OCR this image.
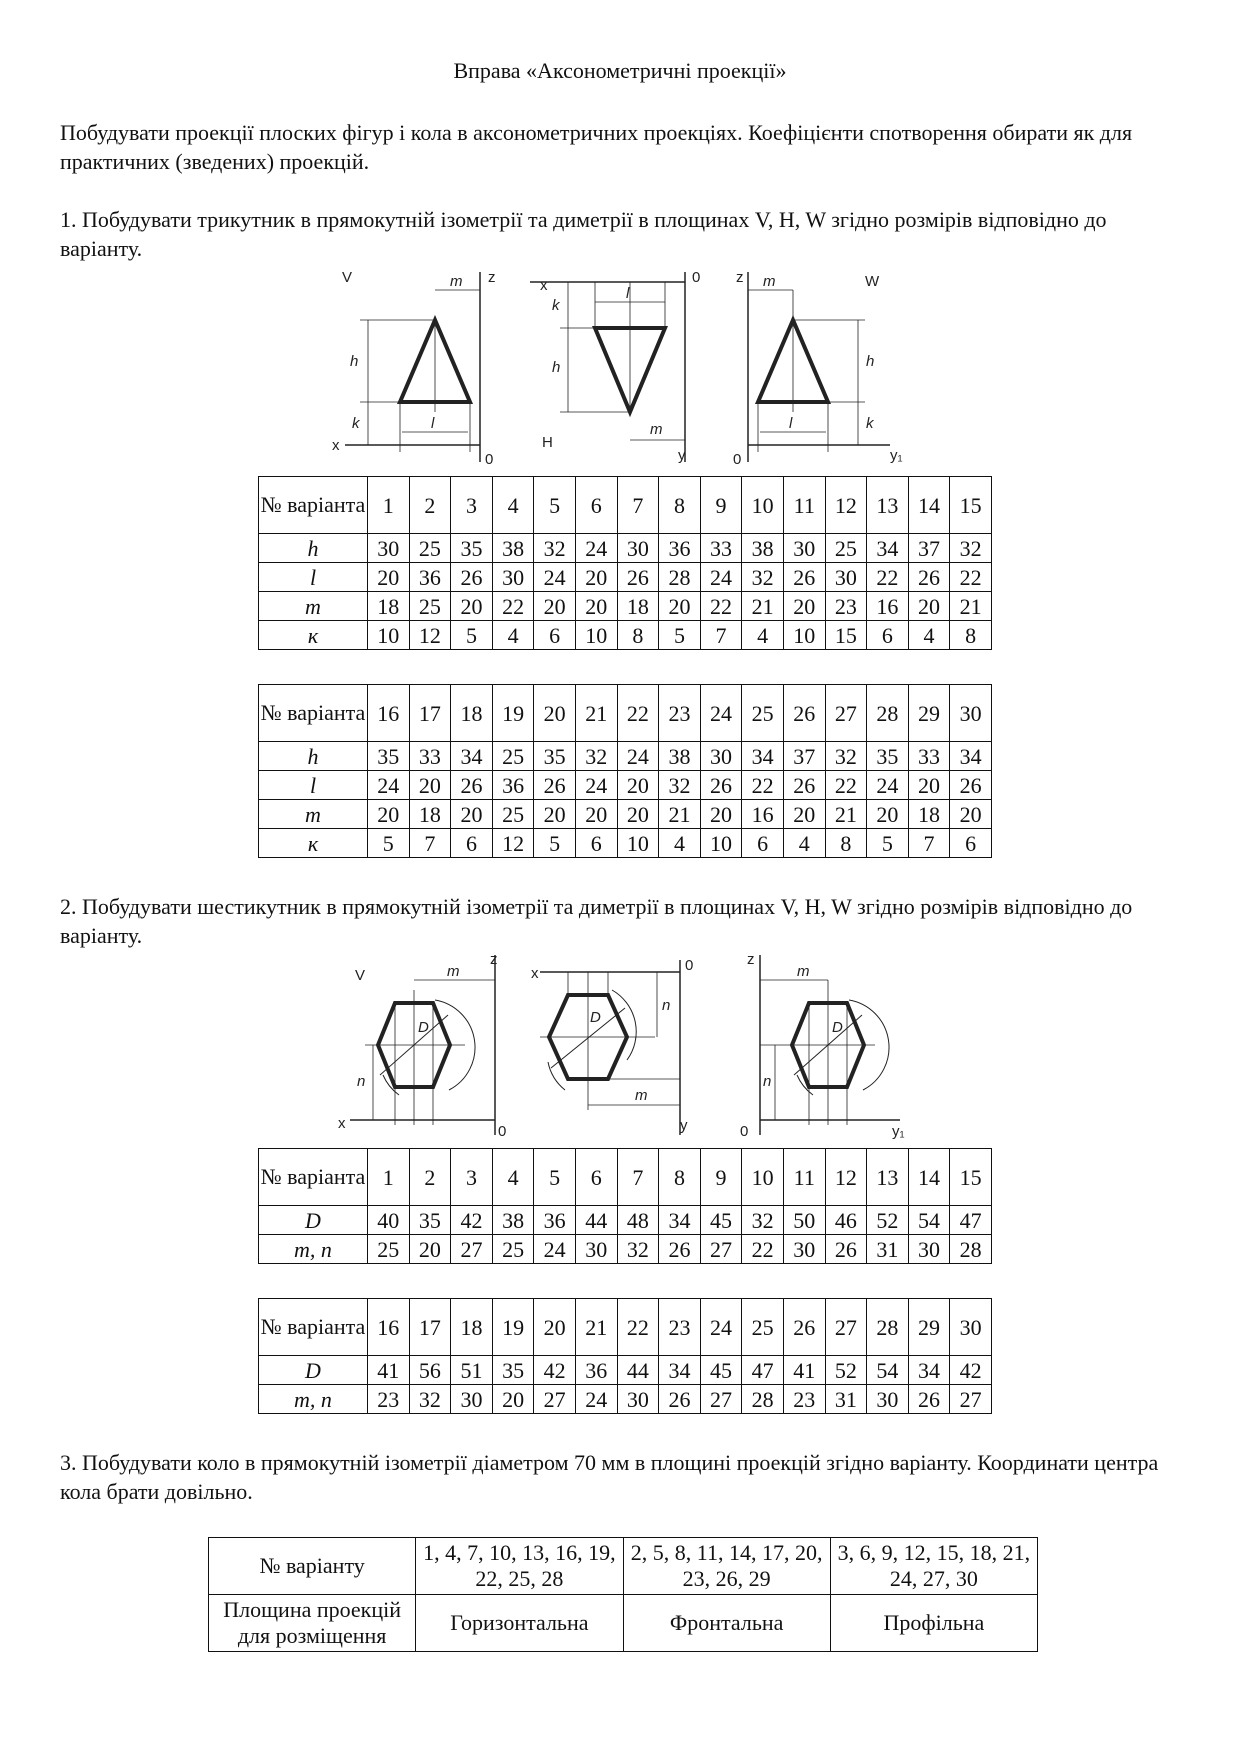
Вправа «Аксонометричні проекції»

Побудувати проекції плоских фігур і кола в аксонометричних проекціях. Коефіцієнти спотворення обирати як для практичних (зведених) проекцій.

1. Побудувати трикутник в прямокутній ізометрії та диметрії в площинах V, H, W згідно розмірів відповідно до варіанту.

V	z
m
h
k	l
x
0
x	0
k
h
l
m
H
y
z m	W
h
k
l
0	y₁
№ варіанта	1	2	3	4	5	6	7	8	9	10	11	12	13	14	15
h	30	25	35	38	32	24	30	36	33	38	30	25	34	37	32
l	20	36	26	30	24	20	26	28	24	32	26	30	22	26	22
m	18	25	20	22	20	20	18	20	22	21	20	23	16	20	21
к	10	12	5	4	6	10	8	5	7	4	10	15	6	4	8
№ варіанта	16	17	18	19	20	21	22	23	24	25	26	27	28	29	30
h	35	33	34	25	35	32	24	38	30	34	37	32	35	33	34
l	24	20	26	36	26	24	20	32	26	22	26	22	24	20	26
m	20	18	20	25	20	20	20	21	20	16	20	21	20	18	20
к	5	7	6	12	5	6	10	4	10	6	4	8	5	7	6

2. Побудувати шестикутник в прямокутній ізометрії та диметрії в площинах V, H, W згідно розмірів відповідно до варіанту.

V
z
m
D
n
x	0
x	0
D
n
m
y
z
m
D
n
0	y₁
№ варіанта	1	2	3	4	5	6	7	8	9	10	11	12	13	14	15
D	40	35	42	38	36	44	48	34	45	32	50	46	52	54	47
m, n	25	20	27	25	24	30	32	26	27	22	30	26	31	30	28
№ варіанта	16	17	18	19	20	21	22	23	24	25	26	27	28	29	30
D	41	56	51	35	42	36	44	34	45	47	41	52	54	34	42
m, n	23	32	30	20	27	24	30	26	27	28	23	31	30	26	27

3. Побудувати коло в прямокутній ізометрії діаметром 70 мм в площині проекцій згідно варіанту. Координати центра кола брати довільно.

№ варіанту	1, 4, 7, 10, 13, 16, 19, 22, 25, 28	2, 5, 8, 11, 14, 17, 20, 23, 26, 29	3, 6, 9, 12, 15, 18, 21, 24, 27, 30
Площина проекцій для розміщення	Горизонтальна	Фронтальна	Профільна
